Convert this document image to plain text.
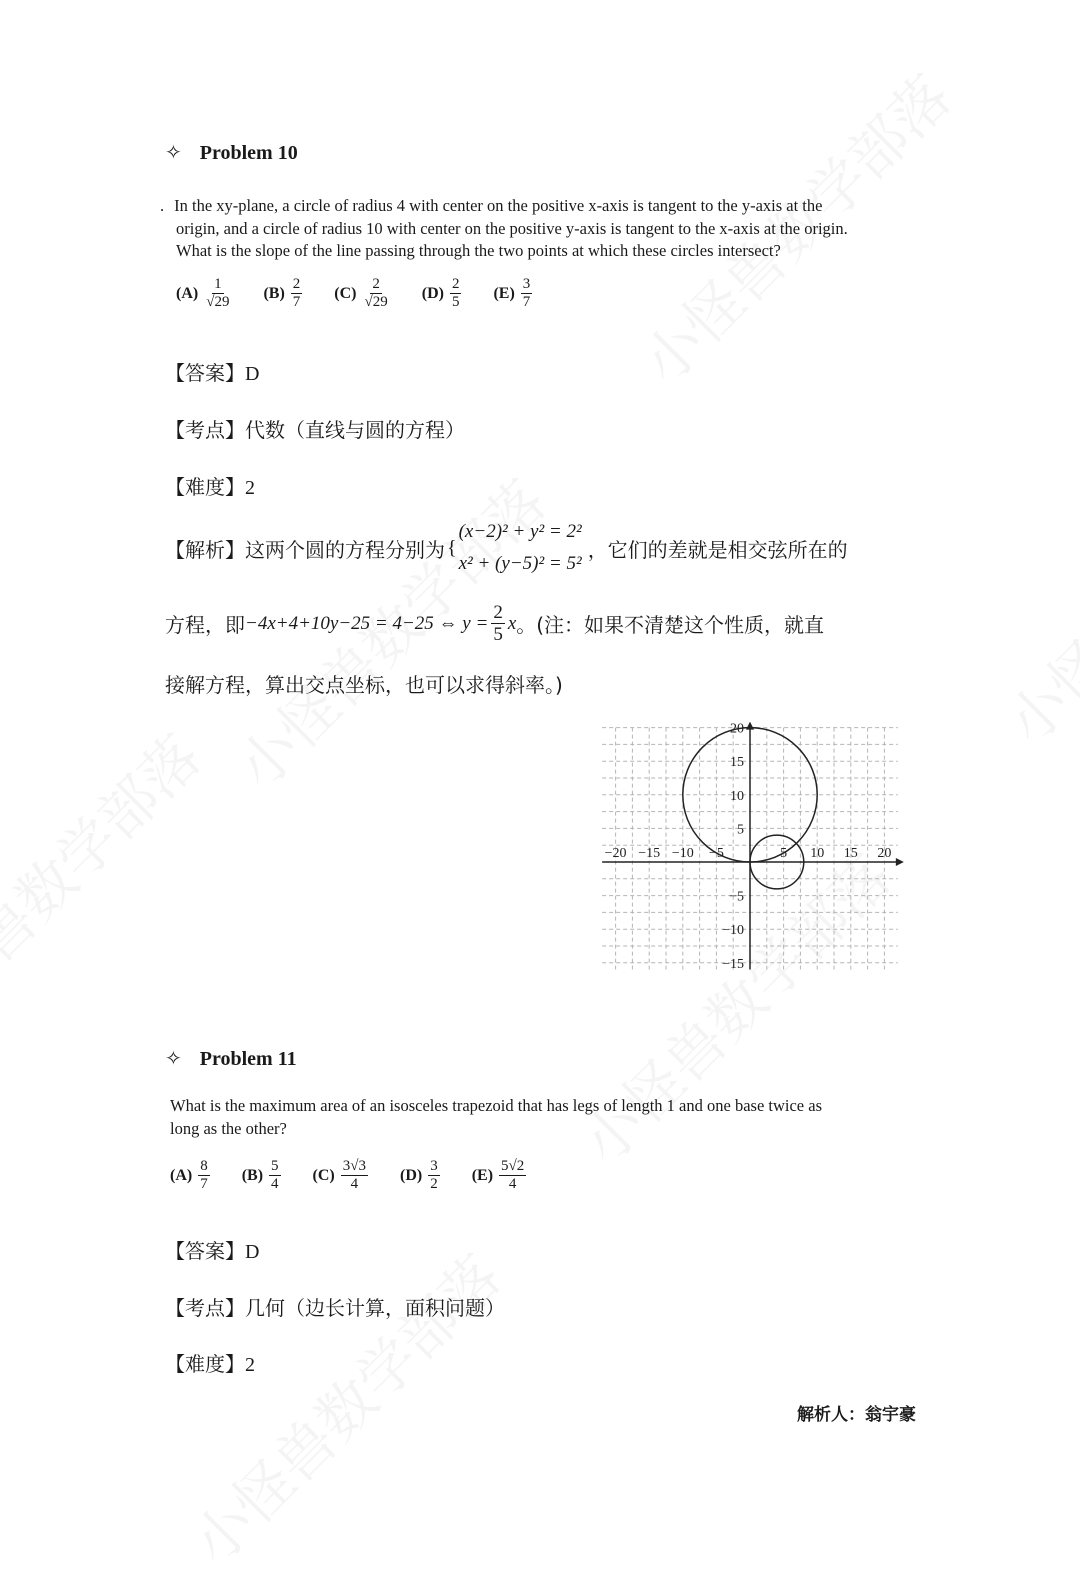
✧ Problem 10
. In the xy-plane, a circle of radius 4 with center on the positive x-axis is tangent to the y-axis at the
origin, and a circle of radius 10 with center on the positive y-axis is tangent to the x-axis at the origin.
What is the slope of the line passing through the two points at which these circles intersect?
$(A) \frac{1}{√29} (B) \frac{2}{7} (C) \frac{2}{√29} (D) \frac{2}{5} (E) \frac{3}{7}$
【答案】D
【考点】代数（直线与圆的方程）
【难度】2
【解析】 这两个圆的方程分别为 {
(x−2)² + y² = 2²
x² + (y−5)² = 5²
，它们的差就是相交弦所在的
方程，即 −4x+4+10y−25 = 4−25 ⇔ $y = \frac{2}{5}$ x 。(注：如果不清楚这个性质，就直
接解方程，算出交点坐标，也可以求得斜率。)
−20 −15 −10 −5	5 10 15 20
20
15
10
5
−5
−10
−15
✧ Problem 11
What is the maximum area of an isosceles trapezoid that has legs of length 1 and one base twice as
long as the other?
$(A) \frac{8}{7} (B) \frac{5}{4} (C) \frac{3√3}{4} (D) \frac{3}{2} (E) \frac{5√2}{4}$
【答案】D
【考点】几何（边长计算，面积问题）
【难度】2
解析人：翁宇豪
